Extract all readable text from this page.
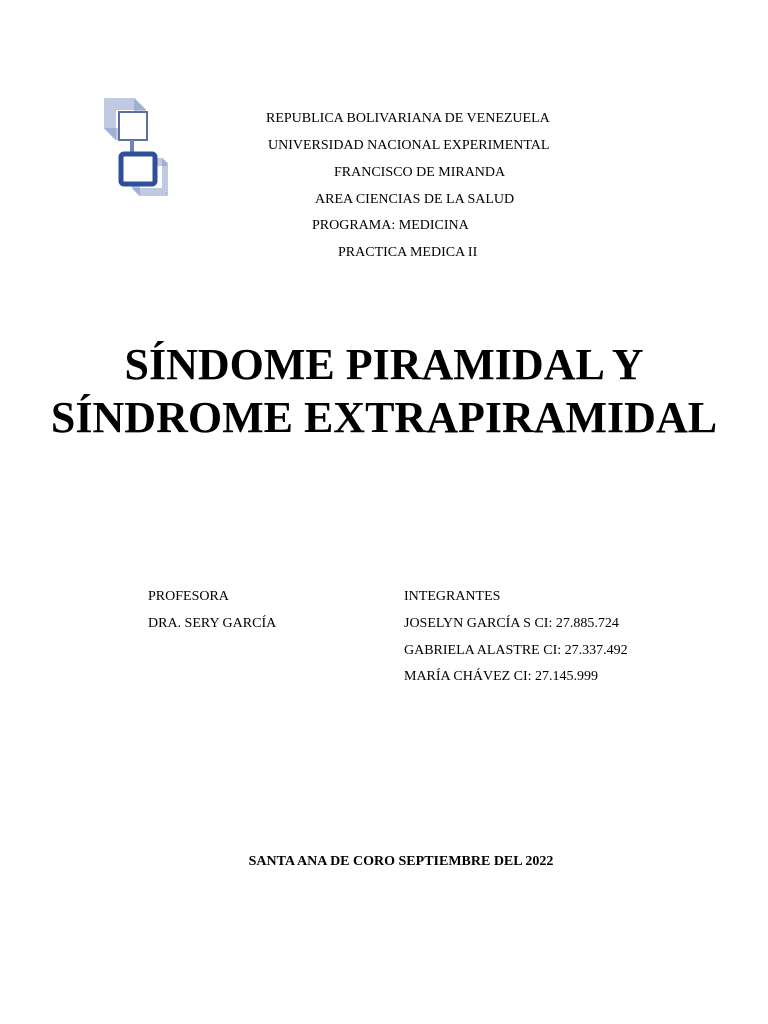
REPUBLICA BOLIVARIANA DE VENEZUELA
UNIVERSIDAD NACIONAL EXPERIMENTAL
FRANCISCO DE MIRANDA
AREA CIENCIAS DE LA SALUD
PROGRAMA: MEDICINA
PRACTICA MEDICA II
SÍNDOME PIRAMIDAL Y
SÍNDROME EXTRAPIRAMIDAL
PROFESORA
DRA. SERY GARCÍA
INTEGRANTES
JOSELYN GARCÍA S CI: 27.885.724
GABRIELA ALASTRE CI: 27.337.492
MARÍA CHÁVEZ CI: 27.145.999
SANTA ANA DE CORO SEPTIEMBRE DEL 2022
